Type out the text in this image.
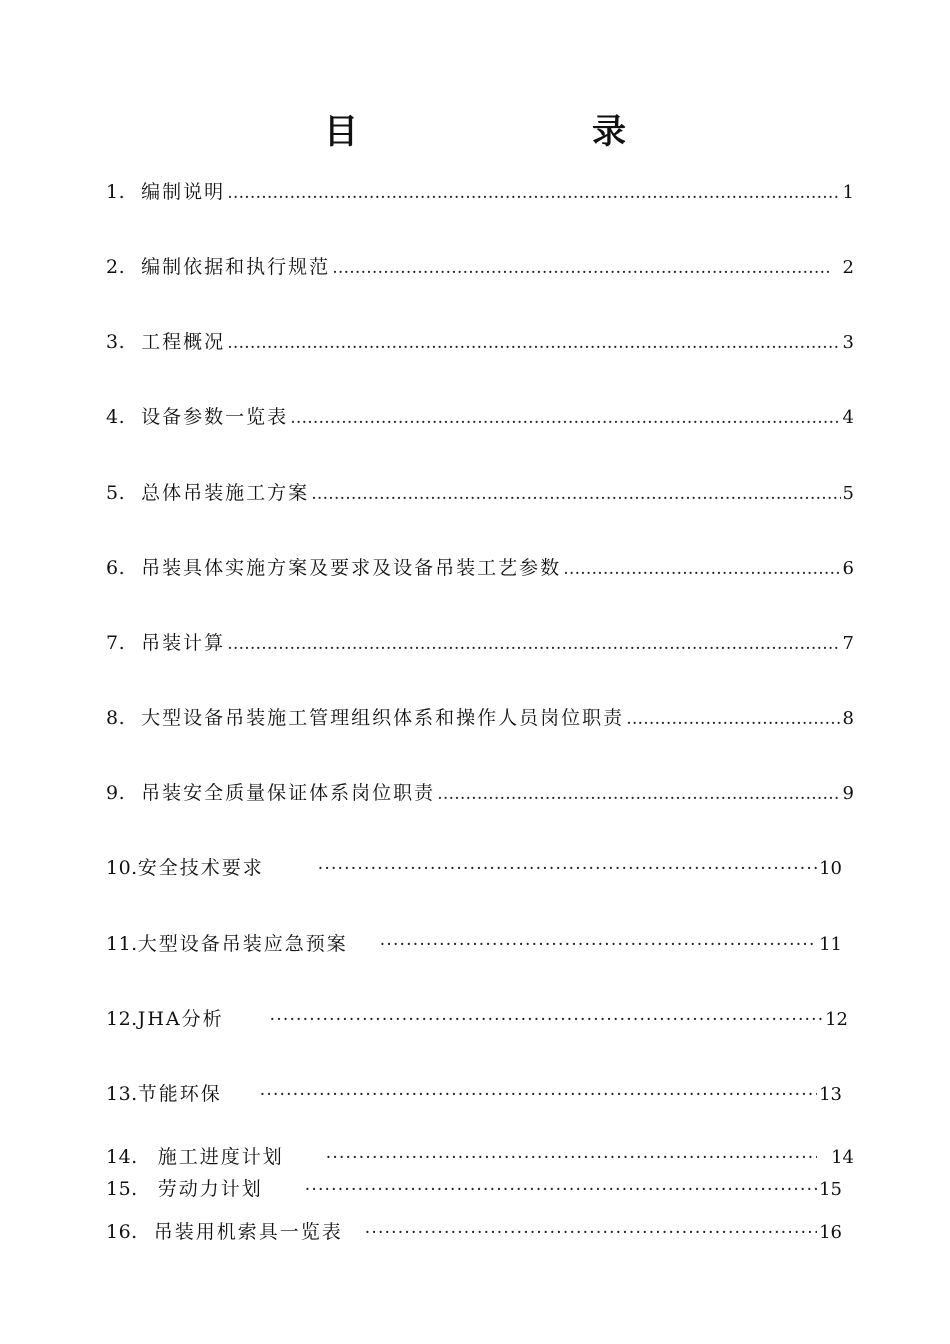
目　录
1. 编制说明 …………………………………………………………………………………………………………………………………………………………………………	1
2. 编制依据和执行规范 …………………………………………………………………………………………………………………………………………………………………………	2
3. 工程概况 …………………………………………………………………………………………………………………………………………………………………………	3
4. 设备参数一览表 …………………………………………………………………………………………………………………………………………………………………………	4
5. 总体吊装施工方案 …………………………………………………………………………………………………………………………………………………………………………	5
6. 吊装具体实施方案及要求及设备吊装工艺参数 …………………………………………………………………………………………………………………………………………………………………………	6
7. 吊装计算 …………………………………………………………………………………………………………………………………………………………………………	7
8. 大型设备吊装施工管理组织体系和操作人员岗位职责 …………………………………………………………………………………………………………………………………………………………………………	8
9. 吊装安全质量保证体系岗位职责 …………………………………………………………………………………………………………………………………………………………………………	9
10. 安全技术要求 ·····	10
11. 大型设备吊装应急预案 ·····	11
12. JHA分析 ·····	12
13. 节能环保 ·····	13
14. 施工进度计划 ·····	14
15. 劳动力计划 ·····	15
16. 吊装用机索具一览表 ·····	16
